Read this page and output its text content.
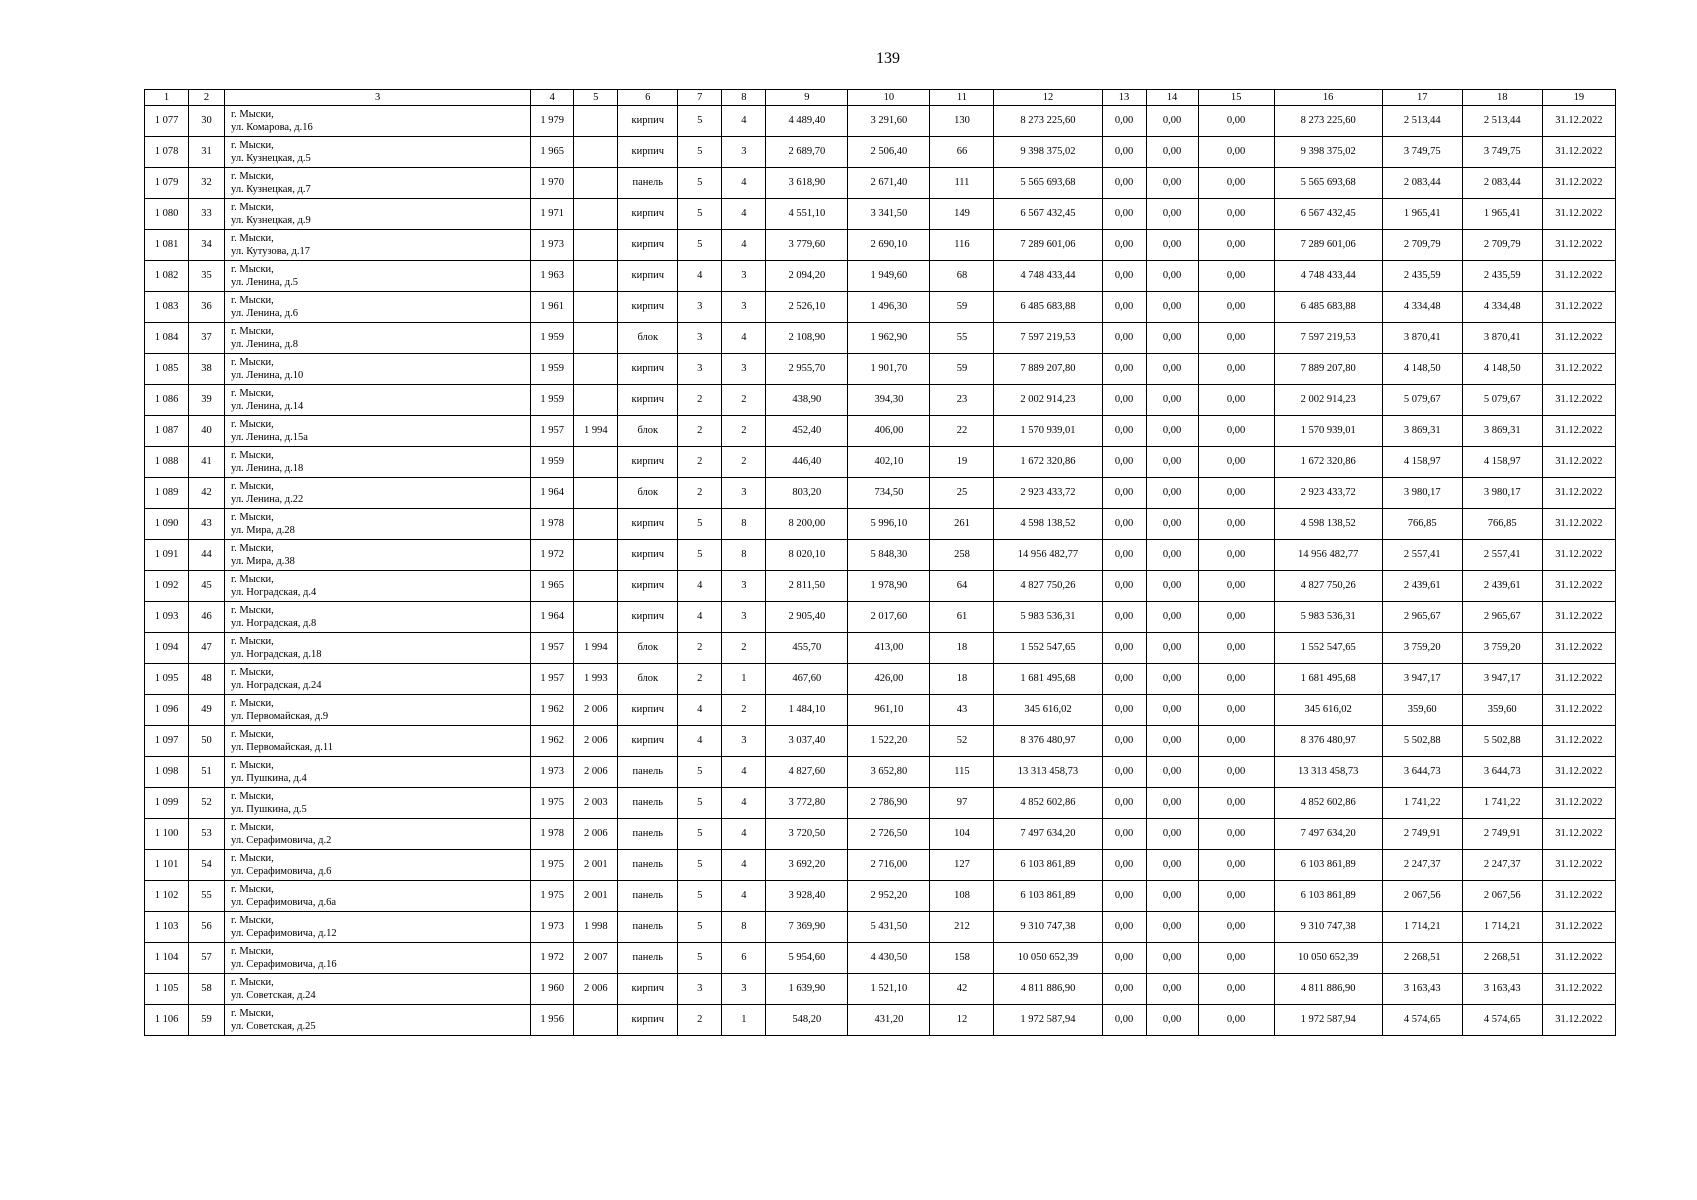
139
1	2	3	4	5	6	7	8	9	10	11	12	13	14	15	16	17	18	19
1 077	30	г. Мыски,
ул. Комарова, д.16	1 979		кирпич	5	4	4 489,40	3 291,60	130	8 273 225,60	0,00	0,00	0,00	8 273 225,60	2 513,44	2 513,44	31.12.2022
1 078	31	г. Мыски,
ул. Кузнецкая, д.5	1 965		кирпич	5	3	2 689,70	2 506,40	66	9 398 375,02	0,00	0,00	0,00	9 398 375,02	3 749,75	3 749,75	31.12.2022
1 079	32	г. Мыски,
ул. Кузнецкая, д.7	1 970		панель	5	4	3 618,90	2 671,40	111	5 565 693,68	0,00	0,00	0,00	5 565 693,68	2 083,44	2 083,44	31.12.2022
1 080	33	г. Мыски,
ул. Кузнецкая, д.9	1 971		кирпич	5	4	4 551,10	3 341,50	149	6 567 432,45	0,00	0,00	0,00	6 567 432,45	1 965,41	1 965,41	31.12.2022
1 081	34	г. Мыски,
ул. Кутузова, д.17	1 973		кирпич	5	4	3 779,60	2 690,10	116	7 289 601,06	0,00	0,00	0,00	7 289 601,06	2 709,79	2 709,79	31.12.2022
1 082	35	г. Мыски,
ул. Ленина, д.5	1 963		кирпич	4	3	2 094,20	1 949,60	68	4 748 433,44	0,00	0,00	0,00	4 748 433,44	2 435,59	2 435,59	31.12.2022
1 083	36	г. Мыски,
ул. Ленина, д.6	1 961		кирпич	3	3	2 526,10	1 496,30	59	6 485 683,88	0,00	0,00	0,00	6 485 683,88	4 334,48	4 334,48	31.12.2022
1 084	37	г. Мыски,
ул. Ленина, д.8	1 959		блок	3	4	2 108,90	1 962,90	55	7 597 219,53	0,00	0,00	0,00	7 597 219,53	3 870,41	3 870,41	31.12.2022
1 085	38	г. Мыски,
ул. Ленина, д.10	1 959		кирпич	3	3	2 955,70	1 901,70	59	7 889 207,80	0,00	0,00	0,00	7 889 207,80	4 148,50	4 148,50	31.12.2022
1 086	39	г. Мыски,
ул. Ленина, д.14	1 959		кирпич	2	2	438,90	394,30	23	2 002 914,23	0,00	0,00	0,00	2 002 914,23	5 079,67	5 079,67	31.12.2022
1 087	40	г. Мыски,
ул. Ленина, д.15а	1 957	1 994	блок	2	2	452,40	406,00	22	1 570 939,01	0,00	0,00	0,00	1 570 939,01	3 869,31	3 869,31	31.12.2022
1 088	41	г. Мыски,
ул. Ленина, д.18	1 959		кирпич	2	2	446,40	402,10	19	1 672 320,86	0,00	0,00	0,00	1 672 320,86	4 158,97	4 158,97	31.12.2022
1 089	42	г. Мыски,
ул. Ленина, д.22	1 964		блок	2	3	803,20	734,50	25	2 923 433,72	0,00	0,00	0,00	2 923 433,72	3 980,17	3 980,17	31.12.2022
1 090	43	г. Мыски,
ул. Мира, д.28	1 978		кирпич	5	8	8 200,00	5 996,10	261	4 598 138,52	0,00	0,00	0,00	4 598 138,52	766,85	766,85	31.12.2022
1 091	44	г. Мыски,
ул. Мира, д.38	1 972		кирпич	5	8	8 020,10	5 848,30	258	14 956 482,77	0,00	0,00	0,00	14 956 482,77	2 557,41	2 557,41	31.12.2022
1 092	45	г. Мыски,
ул. Ноградская, д.4	1 965		кирпич	4	3	2 811,50	1 978,90	64	4 827 750,26	0,00	0,00	0,00	4 827 750,26	2 439,61	2 439,61	31.12.2022
1 093	46	г. Мыски,
ул. Ноградская, д.8	1 964		кирпич	4	3	2 905,40	2 017,60	61	5 983 536,31	0,00	0,00	0,00	5 983 536,31	2 965,67	2 965,67	31.12.2022
1 094	47	г. Мыски,
ул. Ноградская, д.18	1 957	1 994	блок	2	2	455,70	413,00	18	1 552 547,65	0,00	0,00	0,00	1 552 547,65	3 759,20	3 759,20	31.12.2022
1 095	48	г. Мыски,
ул. Ноградская, д.24	1 957	1 993	блок	2	1	467,60	426,00	18	1 681 495,68	0,00	0,00	0,00	1 681 495,68	3 947,17	3 947,17	31.12.2022
1 096	49	г. Мыски,
ул. Первомайская, д.9	1 962	2 006	кирпич	4	2	1 484,10	961,10	43	345 616,02	0,00	0,00	0,00	345 616,02	359,60	359,60	31.12.2022
1 097	50	г. Мыски,
ул. Первомайская, д.11	1 962	2 006	кирпич	4	3	3 037,40	1 522,20	52	8 376 480,97	0,00	0,00	0,00	8 376 480,97	5 502,88	5 502,88	31.12.2022
1 098	51	г. Мыски,
ул. Пушкина, д.4	1 973	2 006	панель	5	4	4 827,60	3 652,80	115	13 313 458,73	0,00	0,00	0,00	13 313 458,73	3 644,73	3 644,73	31.12.2022
1 099	52	г. Мыски,
ул. Пушкина, д.5	1 975	2 003	панель	5	4	3 772,80	2 786,90	97	4 852 602,86	0,00	0,00	0,00	4 852 602,86	1 741,22	1 741,22	31.12.2022
1 100	53	г. Мыски,
ул. Серафимовича, д.2	1 978	2 006	панель	5	4	3 720,50	2 726,50	104	7 497 634,20	0,00	0,00	0,00	7 497 634,20	2 749,91	2 749,91	31.12.2022
1 101	54	г. Мыски,
ул. Серафимовича, д.6	1 975	2 001	панель	5	4	3 692,20	2 716,00	127	6 103 861,89	0,00	0,00	0,00	6 103 861,89	2 247,37	2 247,37	31.12.2022
1 102	55	г. Мыски,
ул. Серафимовича, д.6а	1 975	2 001	панель	5	4	3 928,40	2 952,20	108	6 103 861,89	0,00	0,00	0,00	6 103 861,89	2 067,56	2 067,56	31.12.2022
1 103	56	г. Мыски,
ул. Серафимовича, д.12	1 973	1 998	панель	5	8	7 369,90	5 431,50	212	9 310 747,38	0,00	0,00	0,00	9 310 747,38	1 714,21	1 714,21	31.12.2022
1 104	57	г. Мыски,
ул. Серафимовича, д.16	1 972	2 007	панель	5	6	5 954,60	4 430,50	158	10 050 652,39	0,00	0,00	0,00	10 050 652,39	2 268,51	2 268,51	31.12.2022
1 105	58	г. Мыски,
ул. Советская, д.24	1 960	2 006	кирпич	3	3	1 639,90	1 521,10	42	4 811 886,90	0,00	0,00	0,00	4 811 886,90	3 163,43	3 163,43	31.12.2022
1 106	59	г. Мыски,
ул. Советская, д.25	1 956		кирпич	2	1	548,20	431,20	12	1 972 587,94	0,00	0,00	0,00	1 972 587,94	4 574,65	4 574,65	31.12.2022
